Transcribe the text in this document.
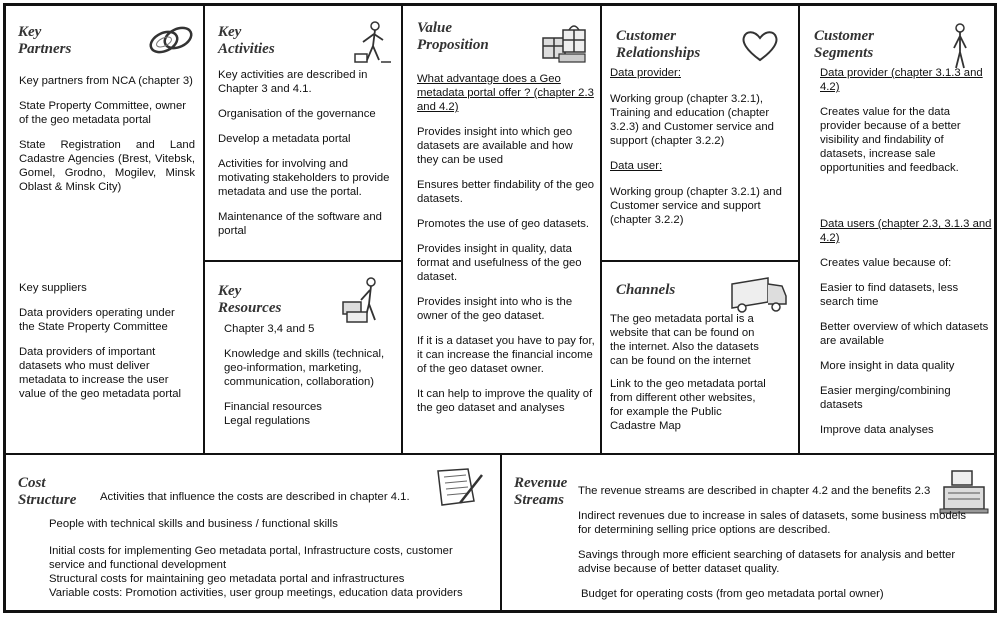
Key
Partners

Key partners from NCA (chapter 3)

State Property Committee, owner of the geo metadata portal

State Registration and Land Cadastre Agencies (Brest, Vitebsk, Gomel, Grodno, Mogilev, Minsk Oblast & Minsk City)

Key suppliers

Data providers operating under the State Property Committee

Data providers of important datasets who must deliver metadata to increase the user value of the geo metadata portal

Key
Activities

Key activities are described in Chapter 3 and 4.1.

Organisation of the governance

Develop a metadata portal

Activities for involving and motivating stakeholders to provide metadata and use the portal.

Maintenance of the software and portal

Key
Resources

Chapter 3,4 and 5

Knowledge and skills (technical, geo-information, marketing, communication, collaboration)

Financial resources
Legal regulations
Value
Proposition

What advantage does a Geo metadata portal offer ? (chapter 2.3 and 4.2)

Provides insight into which geo datasets are available and how they can be used

Ensures better findability of the geo datasets.

Promotes the use of geo datasets.

Provides insight in quality, data format and usefulness of the geo dataset.

Provides insight into who is the owner of the geo dataset.

If it is a dataset you have to pay for, it can increase the financial income of the geo dataset owner.

It can help to improve the quality of the geo dataset and analyses

Customer
Relationships

Data provider:

Working group (chapter 3.2.1), Training and education (chapter 3.2.3) and Customer service and support (chapter 3.2.2)

Data user:

Working group (chapter 3.2.1) and Customer service and support (chapter 3.2.2)

Channels

The geo metadata portal is a website that can be found on the internet. Also the datasets can be found on the internet

Link to the geo metadata portal from different other websites, for example the Public Cadastre Map

Customer
Segments

Data provider (chapter 3.1.3 and 4.2)

Creates value for the data provider because of a better visibility and findability of datasets, increase sale opportunities and feedback.

Data users (chapter 2.3, 3.1.3 and 4.2)

Creates value because of:

Easier to find datasets, less search time

Better overview of which datasets are available

More insight in data quality

Easier merging/combining datasets

Improve data analyses

Cost
Structure Activities that influence the costs are described in chapter 4.1.

People with technical skills and business / functional skills

Initial costs for implementing Geo metadata portal, Infrastructure costs, customer service and functional development
Structural costs for maintaining geo metadata portal and infrastructures
Variable costs: Promotion activities, user group meetings, education data providers
Revenue
Streams
The revenue streams are described in chapter 4.2 and the benefits 2.3

Indirect revenues due to increase in sales of datasets, some business models for determining selling price options are described.

Savings through more efficient searching of datasets for analysis and better advise because of better dataset quality.

Budget for operating costs (from geo metadata portal owner)
